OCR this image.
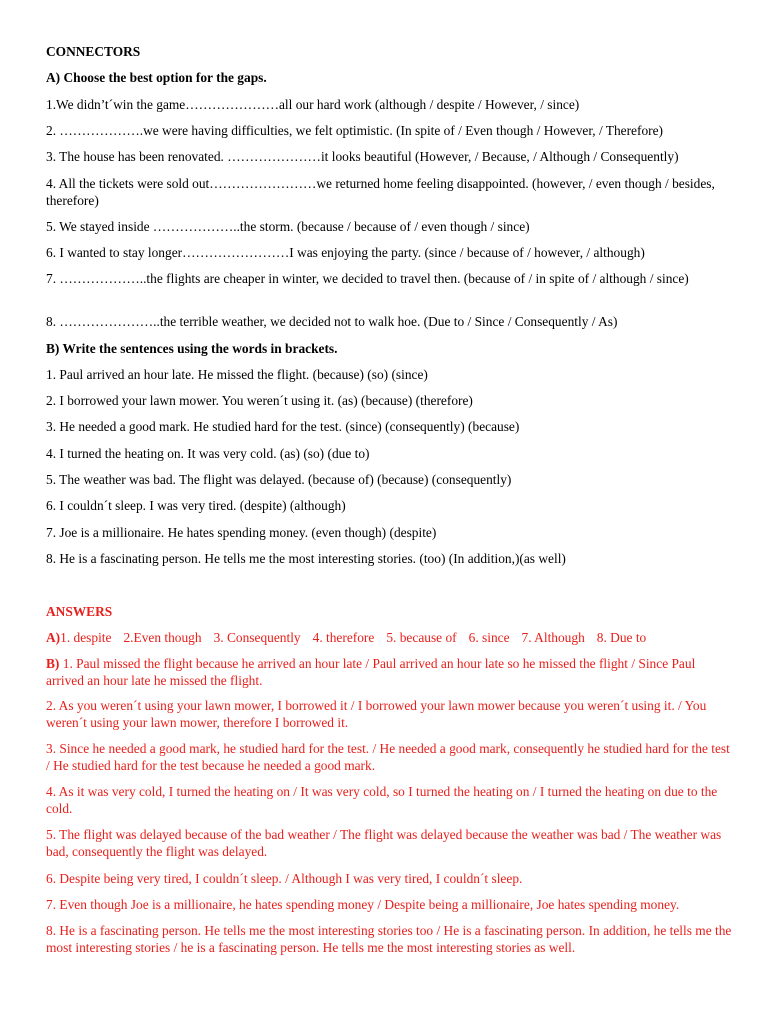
CONNECTORS
A) Choose the best option for the gaps.
1.We didn’t´win the game…………………all our hard work (although / despite / However, / since)
2. ……………….we were having difficulties, we felt optimistic. (In spite of / Even though / However, / Therefore)
3. The house has been renovated. …………………it looks beautiful (However, / Because, / Although / Consequently)
4. All the tickets were sold out……………………we returned home feeling disappointed. (however, / even though / besides, therefore)
5. We stayed inside ………………..the storm. (because / because of / even though / since)
6. I wanted to stay longer……………………I was enjoying the party. (since / because of / however, / although)
7. ………………..the flights are cheaper in winter, we decided to travel then. (because of / in spite of / although / since)
8. …………………..the terrible weather, we decided not to walk hoe. (Due to / Since / Consequently / As)
B) Write the sentences using the words in brackets.
1. Paul arrived an hour late. He missed the flight. (because) (so) (since)
2. I borrowed your lawn mower. You weren´t using it. (as) (because) (therefore)
3. He needed a good mark. He studied hard for the test. (since) (consequently) (because)
4. I turned the heating on. It was very cold. (as) (so) (due to)
5. The weather was bad. The flight was delayed. (because of) (because) (consequently)
6. I couldn´t sleep. I was very tired. (despite) (although)
7. Joe is a millionaire. He hates spending money. (even though) (despite)
8. He is a fascinating person. He tells me the most interesting stories. (too) (In addition,)(as well)
ANSWERS
A)1. despite 2.Even though 3. Consequently 4. therefore 5. because of 6. since 7. Although 8. Due to
B) 1. Paul missed the flight because he arrived an hour late / Paul arrived an hour late so he missed the flight / Since Paul arrived an hour late he missed the flight.
2. As you weren´t using your lawn mower, I borrowed it / I borrowed your lawn mower because you weren´t using it. / You weren´t using your lawn mower, therefore I borrowed it.
3. Since he needed a good mark, he studied hard for the test. / He needed a good mark, consequently he studied hard for the test / He studied hard for the test because he needed a good mark.
4. As it was very cold, I turned the heating on / It was very cold, so I turned the heating on / I turned the heating on due to the cold.
5. The flight was delayed because of the bad weather / The flight was delayed because the weather was bad / The weather was bad, consequently the flight was delayed.
6. Despite being very tired, I couldn´t sleep. / Although I was very tired, I couldn´t sleep.
7. Even though Joe is a millionaire, he hates spending money / Despite being a millionaire, Joe hates spending money.
8. He is a fascinating person. He tells me the most interesting stories too / He is a fascinating person. In addition, he tells me the most interesting stories / he is a fascinating person. He tells me the most interesting stories as well.
